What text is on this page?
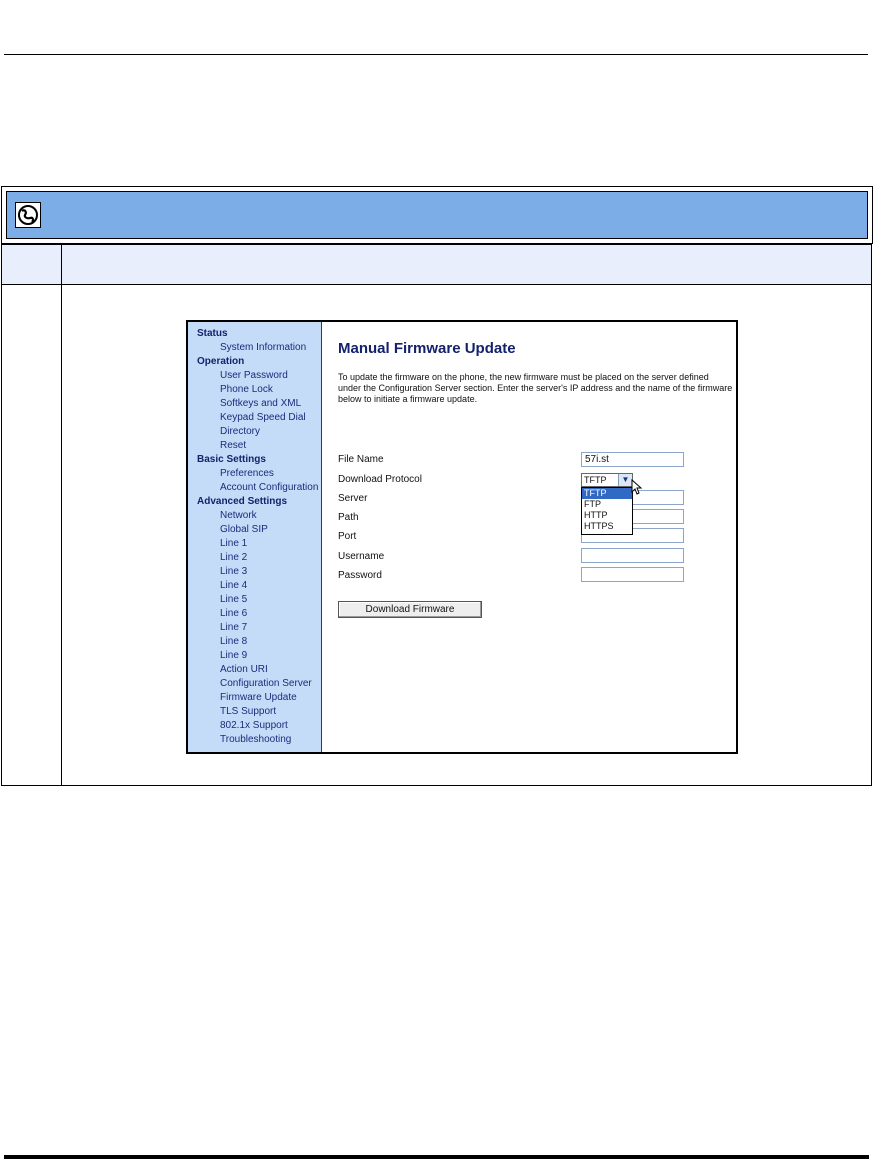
Status
System Information
Operation
User Password
Phone Lock
Softkeys and XML
Keypad Speed Dial
Directory
Reset
Basic Settings
Preferences
Account Configuration
Advanced Settings
Network
Global SIP
Line 1
Line 2
Line 3
Line 4
Line 5
Line 6
Line 7
Line 8
Line 9
Action URI
Configuration Server
Firmware Update
TLS Support
802.1x Support
Troubleshooting
Manual Firmware Update
To update the firmware on the phone, the new firmware must be placed on the server defined under the Configuration Server section. Enter the server's IP address and the name of the firmware below to initiate a firmware update.
File Name	57i.st
Download Protocol
Server
Path
Port
Username
Password
TFTP	▼
TFTP
FTP
HTTP
HTTPS
Download Firmware
